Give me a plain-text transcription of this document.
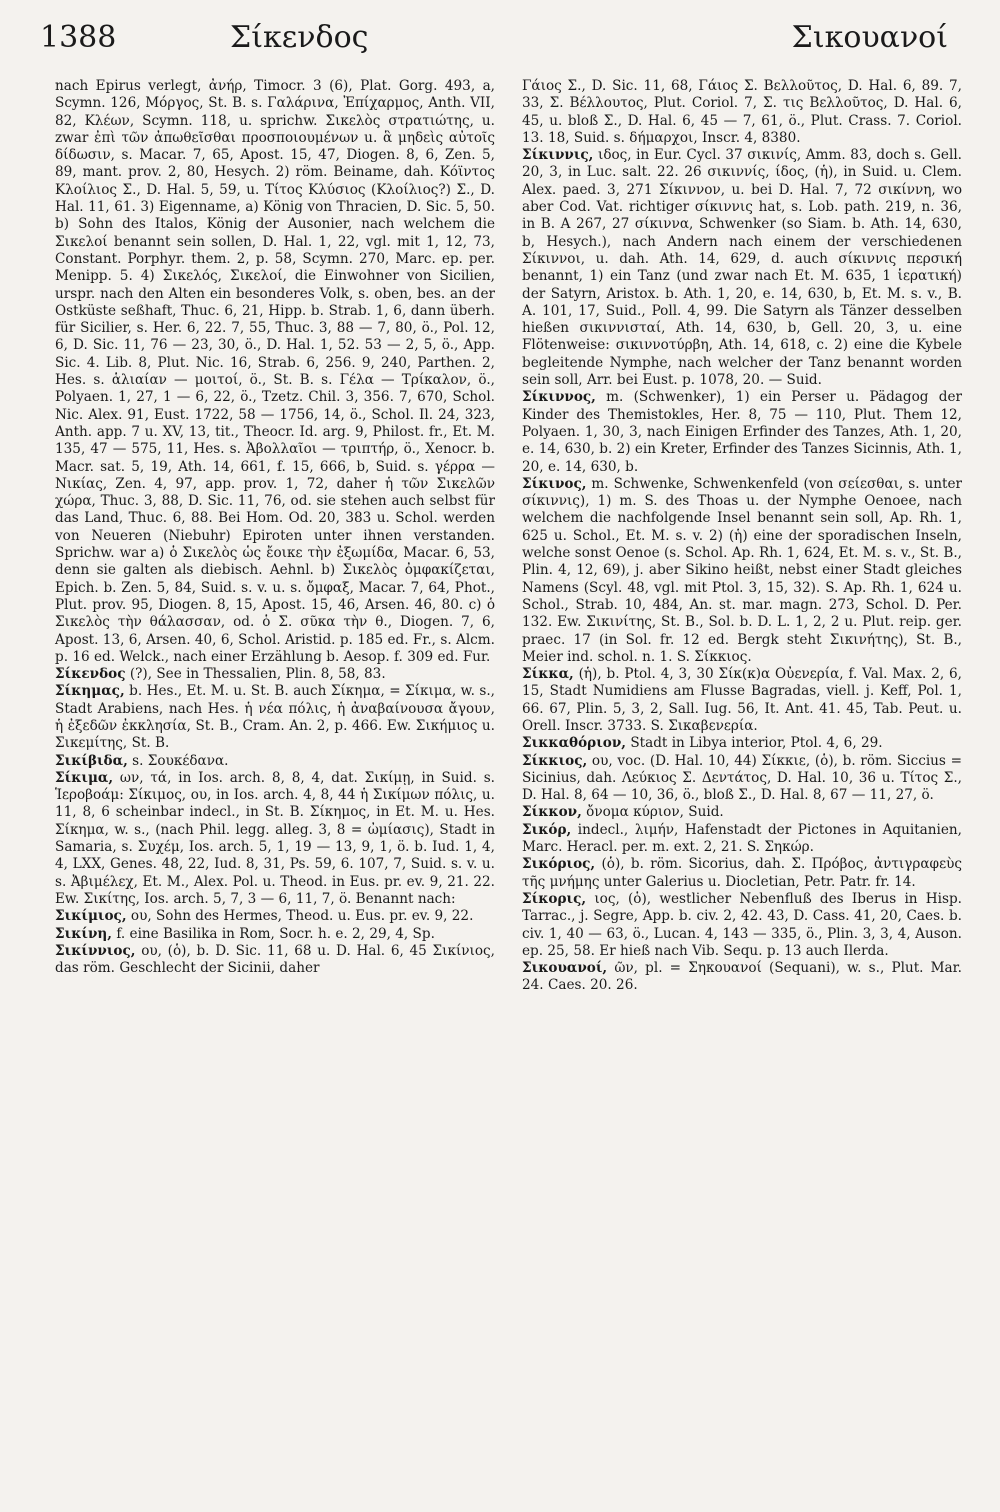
1388	Σίκενδος	Σικουανοί

nach Epirus verlegt, ἀνήρ, Timocr. 3 (6), Plat. Gorg. 493, a, Scymn. 126, Μόργος, St. B. s. Γαλάρινα, Ἐπίχαρμος, Anth. VII, 82, Κλέων, Scymn. 118, u. sprichw. Σικελὸς στρατιώτης, u. zwar ἐπὶ τῶν ἀπωθεῖσθαι προσποιουμένων u. ἃ μηδεὶς αὐτοῖς δίδωσιν, s. Macar. 7, 65, Apost. 15, 47, Diogen. 8, 6, Zen. 5, 89, mant. prov. 2, 80, Hesych. 2) röm. Beiname, dah. Κόϊντος Κλοίλιος Σ., D. Hal. 5, 59, u. Τίτος Κλύσιος (Κλοίλιος?) Σ., D. Hal. 11, 61. 3) Eigenname, a) König von Thracien, D. Sic. 5, 50. b) Sohn des Italos, König der Ausonier, nach welchem die Σικελοί benannt sein sollen, D. Hal. 1, 22, vgl. mit 1, 12, 73, Constant. Porphyr. them. 2, p. 58, Scymn. 270, Marc. ep. per. Menipp. 5. 4) Σικελός, Σικελοί, die Einwohner von Sicilien, urspr. nach den Alten ein besonderes Volk, s. oben, bes. an der Ostküste seßhaft, Thuc. 6, 21, Hipp. b. Strab. 1, 6, dann überh. für Sicilier, s. Her. 6, 22. 7, 55, Thuc. 3, 88 — 7, 80, ö., Pol. 12, 6, D. Sic. 11, 76 — 23, 30, ö., D. Hal. 1, 52. 53 — 2, 5, ö., App. Sic. 4. Lib. 8, Plut. Nic. 16, Strab. 6, 256. 9, 240, Parthen. 2, Hes. s. ἁλιαίαν — μοιτοί, ö., St. B. s. Γέλα — Τρίκαλον, ö., Polyaen. 1, 27, 1 — 6, 22, ö., Tzetz. Chil. 3, 356. 7, 670, Schol. Nic. Alex. 91, Eust. 1722, 58 — 1756, 14, ö., Schol. Il. 24, 323, Anth. app. 7 u. XV, 13, tit., Theocr. Id. arg. 9, Philost. fr., Et. M. 135, 47 — 575, 11, Hes. s. Ἀβολλαῖοι — τριπτήρ, ö., Xenocr. b. Macr. sat. 5, 19, Ath. 14, 661, f. 15, 666, b, Suid. s. γέρρα — Νικίας, Zen. 4, 97, app. prov. 1, 72, daher ἡ τῶν Σικελῶν χώρα, Thuc. 3, 88, D. Sic. 11, 76, od. sie stehen auch selbst für das Land, Thuc. 6, 88. Bei Hom. Od. 20, 383 u. Schol. werden von Neueren (Niebuhr) Epiroten unter ihnen verstanden. Sprichw. war a) ὁ Σικελὸς ὡς ἔοικε τὴν ἐξωμίδα, Macar. 6, 53, denn sie galten als diebisch. Aehnl. b) Σικελὸς ὀμφακίζεται, Epich. b. Zen. 5, 84, Suid. s. v. u. s. ὄμφαξ, Macar. 7, 64, Phot., Plut. prov. 95, Diogen. 8, 15, Apost. 15, 46, Arsen. 46, 80. c) ὁ Σικελὸς τὴν θάλασσαν, od. ὁ Σ. σῦκα τὴν θ., Diogen. 7, 6, Apost. 13, 6, Arsen. 40, 6, Schol. Aristid. p. 185 ed. Fr., s. Alcm. p. 16 ed. Welck., nach einer Erzählung b. Aesop. f. 309 ed. Fur.

Σίκενδος (?), See in Thessalien, Plin. 8, 58, 83.

Σίκημας, b. Hes., Et. M. u. St. B. auch Σίκημα, = Σίκιμα, w. s., Stadt Arabiens, nach Hes. ἡ νέα πόλις, ἡ ἀναβαίνουσα ἄγουν, ἡ ἐξεδῶν ἐκκλησία, St. B., Cram. An. 2, p. 466. Ew. Σικήμιος u. Σικεμίτης, St. B.

Σικίβιδα, s. Σουκέδανα.

Σίκιμα, ων, τά, in Ios. arch. 8, 8, 4, dat. Σικίμῃ, in Suid. s. Ἱεροβοάμ: Σίκιμος, ου, in Ios. arch. 4, 8, 44 ἡ Σικίμων πόλις, u. 11, 8, 6 scheinbar indecl., in St. B. Σίκημος, in Et. M. u. Hes. Σίκημα, w. s., (nach Phil. legg. alleg. 3, 8 = ὠμίασις), Stadt in Samaria, s. Συχέμ, Ios. arch. 5, 1, 19 — 13, 9, 1, ö. b. Iud. 1, 4, 4, LXX, Genes. 48, 22, Iud. 8, 31, Ps. 59, 6. 107, 7, Suid. s. v. u. s. Ἀβιμέλεχ, Et. M., Alex. Pol. u. Theod. in Eus. pr. ev. 9, 21. 22. Ew. Σικίτης, Ios. arch. 5, 7, 3 — 6, 11, 7, ö. Benannt nach:

Σικίμιος, ου, Sohn des Hermes, Theod. u. Eus. pr. ev. 9, 22.

Σικίνη, f. eine Basilika in Rom, Socr. h. e. 2, 29, 4, Sp.

Σικίννιος, ου, (ὁ), b. D. Sic. 11, 68 u. D. Hal. 6, 45 Σικίνιος, das röm. Geschlecht der Sicinii, daher

Γάιος Σ., D. Sic. 11, 68, Γάιος Σ. Βελλοῦτος, D. Hal. 6, 89. 7, 33, Σ. Βέλλουτος, Plut. Coriol. 7, Σ. τις Βελλοῦτος, D. Hal. 6, 45, u. bloß Σ., D. Hal. 6, 45 — 7, 61, ö., Plut. Crass. 7. Coriol. 13. 18, Suid. s. δήμαρχοι, Inscr. 4, 8380.

Σίκιννις, ιδος, in Eur. Cycl. 37 σικινίς, Amm. 83, doch s. Gell. 20, 3, in Luc. salt. 22. 26 σικιννίς, ίδος, (ἡ), in Suid. u. Clem. Alex. paed. 3, 271 Σίκιννον, u. bei D. Hal. 7, 72 σικίννη, wo aber Cod. Vat. richtiger σίκιννις hat, s. Lob. path. 219, n. 36, in B. A 267, 27 σίκιννα, Schwenker (so Siam. b. Ath. 14, 630, b, Hesych.), nach Andern nach einem der verschiedenen Σίκιννοι, u. dah. Ath. 14, 629, d. auch σίκιννις περσική benannt, 1) ein Tanz (und zwar nach Et. M. 635, 1 ἱερατική) der Satyrn, Aristox. b. Ath. 1, 20, e. 14, 630, b, Et. M. s. v., B. A. 101, 17, Suid., Poll. 4, 99. Die Satyrn als Tänzer desselben hießen σικιννισταί, Ath. 14, 630, b, Gell. 20, 3, u. eine Flötenweise: σικιννοτύρβη, Ath. 14, 618, c. 2) eine die Kybele begleitende Nymphe, nach welcher der Tanz benannt worden sein soll, Arr. bei Eust. p. 1078, 20. — Suid.

Σίκιννος, m. (Schwenker), 1) ein Perser u. Pädagog der Kinder des Themistokles, Her. 8, 75 — 110, Plut. Them 12, Polyaen. 1, 30, 3, nach Einigen Erfinder des Tanzes, Ath. 1, 20, e. 14, 630, b. 2) ein Kreter, Erfinder des Tanzes Sicinnis, Ath. 1, 20, e. 14, 630, b.

Σίκινος, m. Schwenke, Schwenkenfeld (von σείεσθαι, s. unter σίκιννις), 1) m. S. des Thoas u. der Nymphe Oenoee, nach welchem die nachfolgende Insel benannt sein soll, Ap. Rh. 1, 625 u. Schol., Et. M. s. v. 2) (ἡ) eine der sporadischen Inseln, welche sonst Oenoe (s. Schol. Ap. Rh. 1, 624, Et. M. s. v., St. B., Plin. 4, 12, 69), j. aber Sikino heißt, nebst einer Stadt gleiches Namens (Scyl. 48, vgl. mit Ptol. 3, 15, 32). S. Ap. Rh. 1, 624 u. Schol., Strab. 10, 484, An. st. mar. magn. 273, Schol. D. Per. 132. Ew. Σικινίτης, St. B., Sol. b. D. L. 1, 2, 2 u. Plut. reip. ger. praec. 17 (in Sol. fr. 12 ed. Bergk steht Σικινήτης), St. B., Meier ind. schol. n. 1. S. Σίκκιος.

Σίκκα, (ἡ), b. Ptol. 4, 3, 30 Σίκ(κ)α Οὐενερία, f. Val. Max. 2, 6, 15, Stadt Numidiens am Flusse Bagradas, viell. j. Keff, Pol. 1, 66. 67, Plin. 5, 3, 2, Sall. Iug. 56, It. Ant. 41. 45, Tab. Peut. u. Orell. Inscr. 3733. S. Σικαβενερία.

Σικκαθόριον, Stadt in Libya interior, Ptol. 4, 6, 29.

Σίκκιος, ου, voc. (D. Hal. 10, 44) Σίκκιε, (ὁ), b. röm. Siccius = Sicinius, dah. Λεύκιος Σ. Δεντάτος, D. Hal. 10, 36 u. Τίτος Σ., D. Hal. 8, 64 — 10, 36, ö., bloß Σ., D. Hal. 8, 67 — 11, 27, ö.

Σίκκον, ὄνομα κύριον, Suid.

Σικόρ, indecl., λιμήν, Hafenstadt der Pictones in Aquitanien, Marc. Heracl. per. m. ext. 2, 21. S. Σηκώρ.

Σικόριος, (ὁ), b. röm. Sicorius, dah. Σ. Πρόβος, ἀντιγραφεὺς τῆς μνήμης unter Galerius u. Diocletian, Petr. Patr. fr. 14.

Σίκορις, ιος, (ὁ), westlicher Nebenfluß des Iberus in Hisp. Tarrac., j. Segre, App. b. civ. 2, 42. 43, D. Cass. 41, 20, Caes. b. civ. 1, 40 — 63, ö., Lucan. 4, 143 — 335, ö., Plin. 3, 3, 4, Auson. ep. 25, 58. Er hieß nach Vib. Sequ. p. 13 auch Ilerda.

Σικουανοί, ῶν, pl. = Σηκουανοί (Sequani), w. s., Plut. Mar. 24. Caes. 20. 26.
